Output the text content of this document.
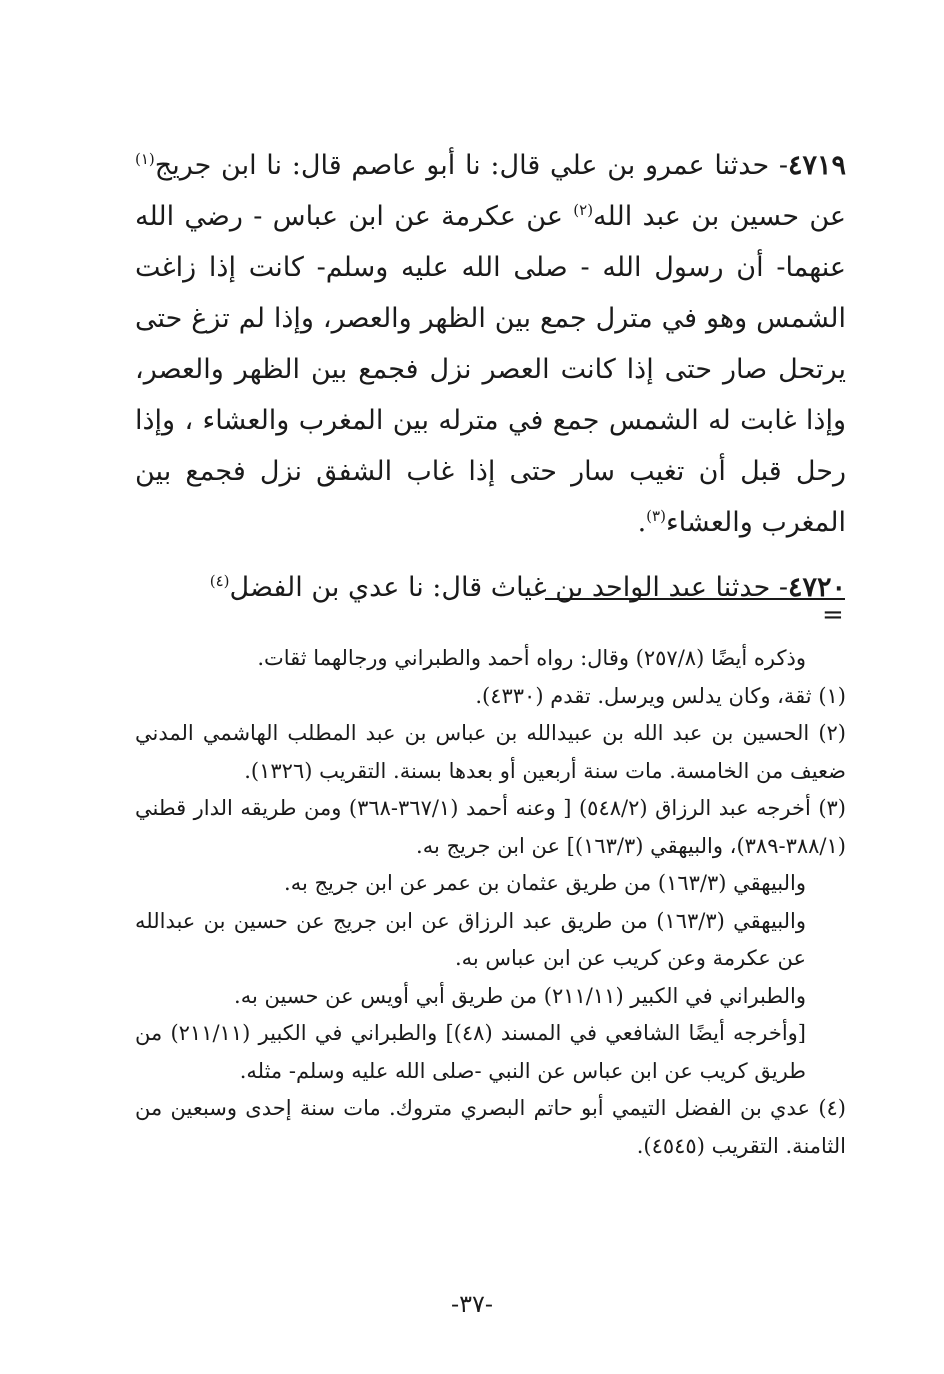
٤٧١٩- حدثنا عمرو بن علي قال: نا أبو عاصم قال: نا ابن جريج$^{(١)}$ عن حسين بن عبد الله$^{(٢)}$ عن عكرمة عن ابن عباس - رضي الله عنهما- أن رسول الله - صلى الله عليه وسلم- كانت إذا زاغت الشمس وهو في مترل جمع بين الظهر والعصر، وإذا لم تزغ حتى يرتحل صار حتى إذا كانت العصر نزل فجمع بين الظهر والعصر، وإذا غابت له الشمس جمع في مترله بين المغرب والعشاء ، وإذا رحل قبل أن تغيب سار حتى إذا غاب الشفق نزل فجمع بين المغرب والعشاء$^{(٣)}$.

٤٧٢٠- حدثنا عبد الواحد بن غياث قال: نا عدي بن الفضل$^{(٤)}$

=

وذكره أيضًا (٢٥٧/٨) وقال: رواه أحمد والطبراني ورجالهما ثقات.

(١) ثقة، وكان يدلس ويرسل. تقدم (٤٣٣٠).

(٢) الحسين بن عبد الله بن عبيدالله بن عباس بن عبد المطلب الهاشمي المدني ضعيف من الخامسة. مات سنة أربعين أو بعدها بسنة. التقريب (١٣٢٦).

(٣) أخرجه عبد الرزاق (٥٤٨/٢) [ وعنه أحمد (٣٦٧/١-٣٦٨) ومن طريقه الدار قطني (٣٨٨/١-٣٨٩)، والبيهقي (١٦٣/٣)] عن ابن جريج به.

والبيهقي (١٦٣/٣) من طريق عثمان بن عمر عن ابن جريج به.

والبيهقي (١٦٣/٣) من طريق عبد الرزاق عن ابن جريج عن حسين بن عبدالله عن عكرمة وعن كريب عن ابن عباس به.

والطبراني في الكبير (٢١١/١١) من طريق أبي أويس عن حسين به.

[وأخرجه أيضًا الشافعي في المسند (٤٨)] والطبراني في الكبير (٢١١/١١) من طريق كريب عن ابن عباس عن النبي -صلى الله عليه وسلم- مثله.

(٤) عدي بن الفضل التيمي أبو حاتم البصري متروك. مات سنة إحدى وسبعين من الثامنة. التقريب (٤٥٤٥).

-٣٧-
